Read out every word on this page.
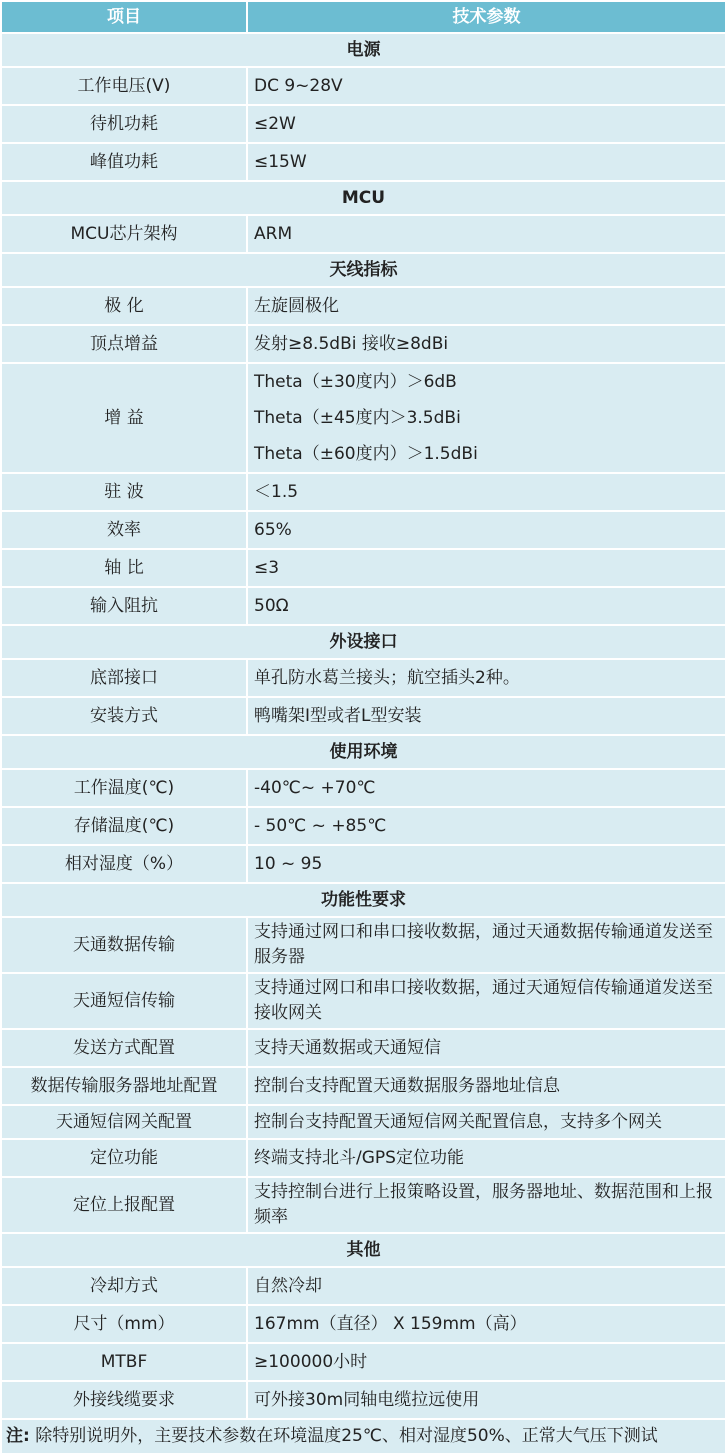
项目	技术参数
电源	
工作电压(V)	DC 9~28V

待机功耗	≤2W

峰值功耗	≤15W

MCU	
MCU芯片架构	ARM

天线指标	
极 化	左旋圆极化

顶点增益	发射≥8.5dBi 接收≥8dBi

增 益	Theta（±30度内）＞6dB
Theta（±45度内＞3.5dBi
Theta（±60度内）＞1.5dBi

驻 波	＜1.5

效率	65%

轴 比	≤3

输入阻抗	50Ω

外设接口	
底部接口	单孔防水葛兰接头；航空插头2种。

安装方式	鸭嘴架I型或者L型安装

使用环境	
工作温度(℃)	-40℃~ +70℃

存储温度(℃)	- 50℃ ~ +85℃

相对湿度（%）	10 ~ 95

功能性要求	
天通数据传输	支持通过网口和串口接收数据，通过天通数据传输通道发送至服务器

天通短信传输	支持通过网口和串口接收数据，通过天通短信传输通道发送至接收网关

发送方式配置	支持天通数据或天通短信

数据传输服务器地址配置	控制台支持配置天通数据服务器地址信息

天通短信网关配置	控制台支持配置天通短信网关配置信息，支持多个网关

定位功能	终端支持北斗/GPS定位功能

定位上报配置	支持控制台进行上报策略设置，服务器地址、数据范围和上报频率

其他	
冷却方式	自然冷却

尺寸（mm）	167mm（直径） X 159mm（高）

MTBF	≥100000小时

外接线缆要求	可外接30m同轴电缆拉远使用

注: 除特别说明外，主要技术参数在环境温度25℃、相对湿度50%、正常大气压下测试	
